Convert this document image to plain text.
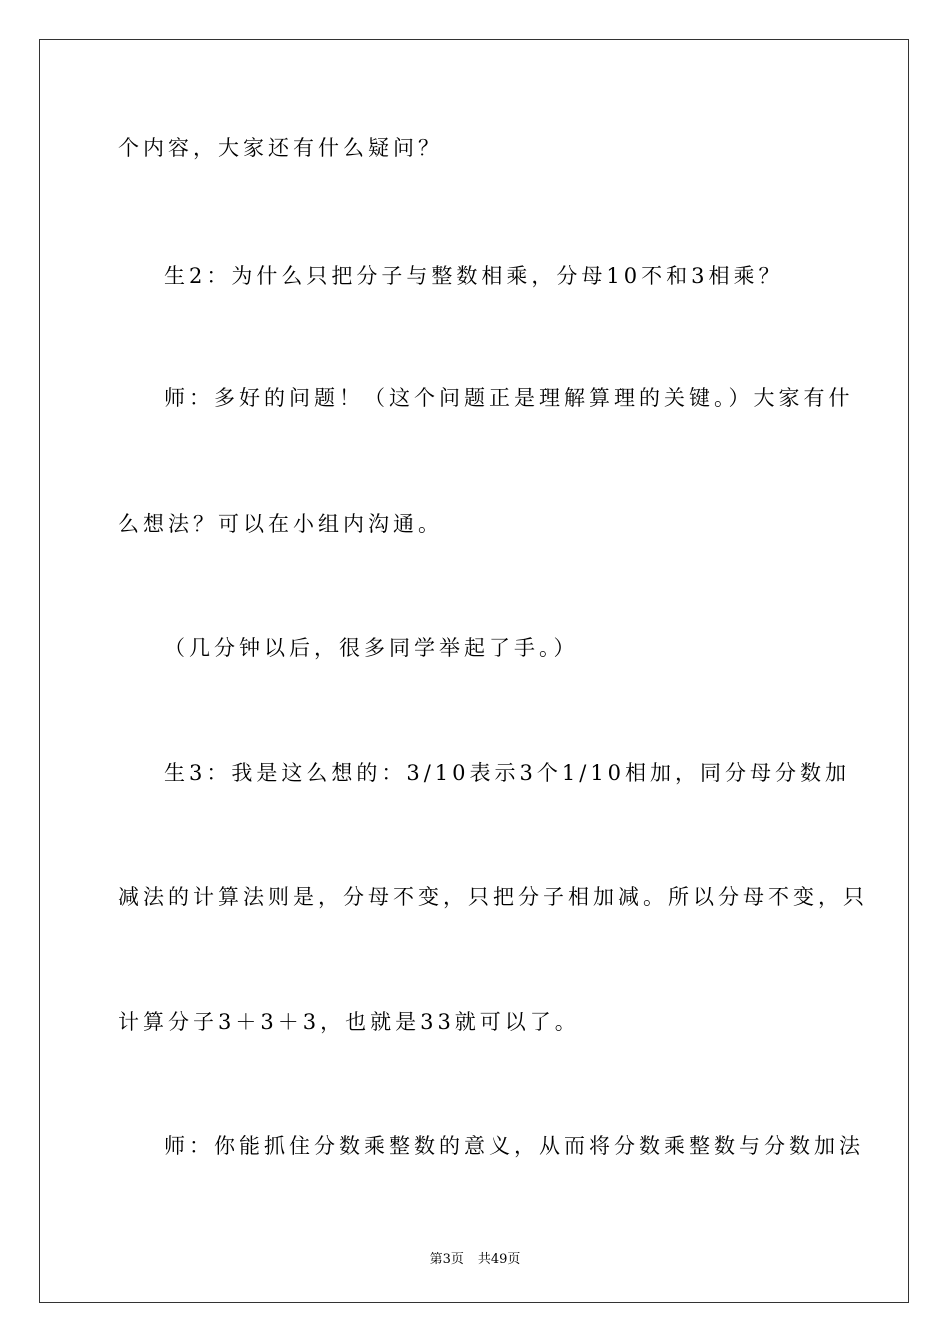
个内容，大家还有什么疑问？
生2：为什么只把分子与整数相乘，分母10不和3相乘？
师：多好的问题！（这个问题正是理解算理的关键。）大家有什
么想法？可以在小组内沟通。
（几分钟以后，很多同学举起了手。）
生3：我是这么想的：3/10表示3个1/10相加，同分母分数加
减法的计算法则是，分母不变，只把分子相加减。所以分母不变，只
计算分子3＋3＋3，也就是33就可以了。
师：你能抓住分数乘整数的意义，从而将分数乘整数与分数加法
第3页 共49页
